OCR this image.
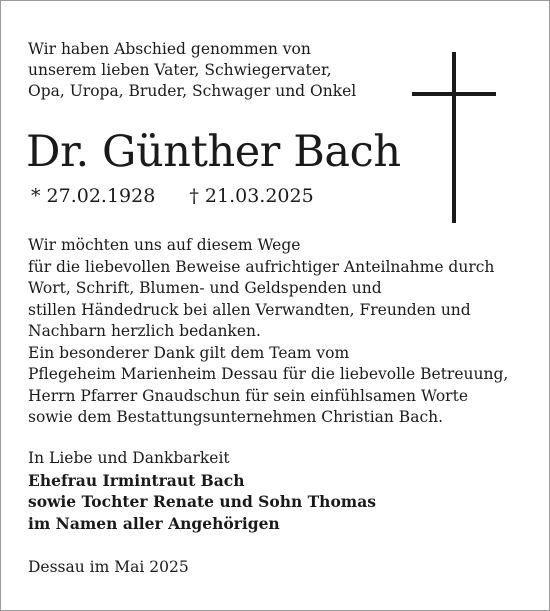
Wir haben Abschied genommen von
unserem lieben Vater, Schwiegervater,
Opa, Uropa, Bruder, Schwager und Onkel
Dr. Günther Bach
* 27.02.1928 † 21.03.2025
Wir möchten uns auf diesem Wege
für die liebevollen Beweise aufrichtiger Anteilnahme durch
Wort, Schrift, Blumen- und Geldspenden und
stillen Händedruck bei allen Verwandten, Freunden und
Nachbarn herzlich bedanken.
Ein besonderer Dank gilt dem Team vom
Pflegeheim Marienheim Dessau für die liebevolle Betreuung,
Herrn Pfarrer Gnaudschun für sein einfühlsamen Worte
sowie dem Bestattungsunternehmen Christian Bach.
In Liebe und Dankbarkeit
Ehefrau Irmintraut Bach
sowie Tochter Renate und Sohn Thomas
im Namen aller Angehörigen
Dessau im Mai 2025
